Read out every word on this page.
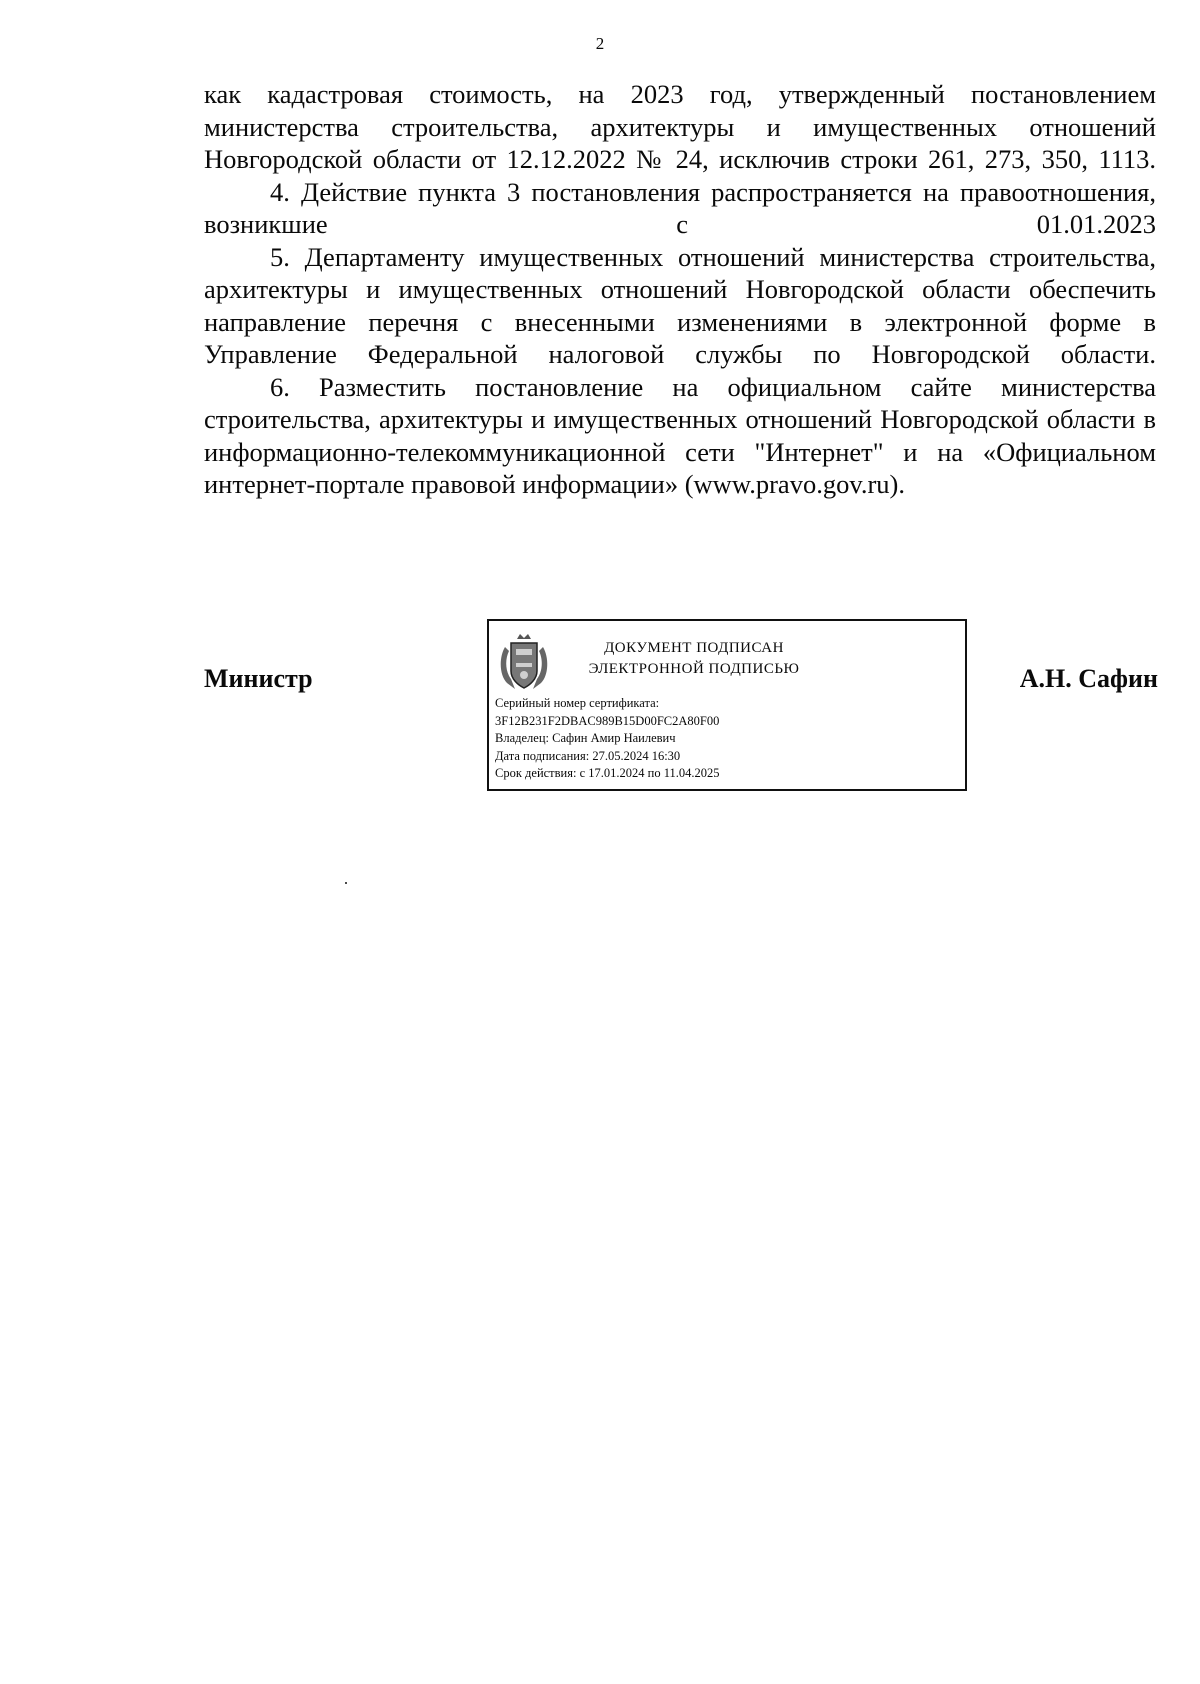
2

как кадастровая стоимость, на 2023 год, утвержденный постановлением министерства строительства, архитектуры и имущественных отношений Новгородской области от 12.12.2022 № 24, исключив строки 261, 273, 350, 1113.

4. Действие пункта 3 постановления распространяется на правоотношения, возникшие с 01.01.2023

5. Департаменту имущественных отношений министерства строительства, архитектуры и имущественных отношений Новгородской области обеспечить направление перечня с внесенными изменениями в электронной форме в Управление Федеральной налоговой службы по Новгородской области.

6. Разместить постановление на официальном сайте министерства строительства, архитектуры и имущественных отношений Новгородской области в информационно-телекоммуникационной сети "Интернет" и на «Официальном интернет-портале правовой информации» (www.pravo.gov.ru).

Министр
ДОКУМЕНТ ПОДПИСАН
ЭЛЕКТРОННОЙ ПОДПИСЬЮ
Серийный номер сертификата:
3F12B231F2DBAC989B15D00FC2A80F00
Владелец: Сафин Амир Наилевич
Дата подписания: 27.05.2024 16:30
Срок действия: с 17.01.2024 по 11.04.2025
А.Н. Сафин
